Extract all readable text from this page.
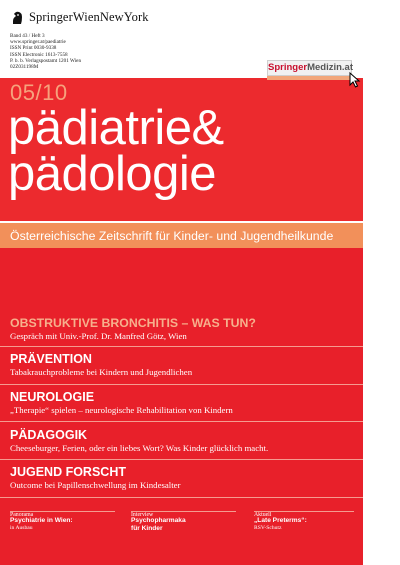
SpringerWienNewYork
Band 43 / Heft 3
www.springer.at/paediatrie
ISSN Print 0030-9338
ISSN Electronic 1613-7558
P. b. b. Verlagspostamt 1201 Wien
02Z031198M
05/10
pädiatrie&
pädologie
SpringerMedizin.at
Österreichische Zeitschrift für Kinder- und Jugendheilkunde
OBSTRUKTIVE BRONCHITIS – WAS TUN?
Gespräch mit Univ.-Prof. Dr. Manfred Götz, Wien
PRÄVENTION
Tabakrauchprobleme bei Kindern und Jugendlichen
NEUROLOGIE
„Therapie“ spielen – neurologische Rehabilitation von Kindern
PÄDAGOGIK
Cheeseburger, Ferien, oder ein liebes Wort? Was Kinder glücklich macht.
JUGEND FORSCHT
Outcome bei Papillenschwellung im Kindesalter
Panorama	Interview	Aktuell
Psychiatrie in Wien:
in Ausbau
Psychopharmaka
für Kinder
„Late Preterms“:
RSV-Schutz
